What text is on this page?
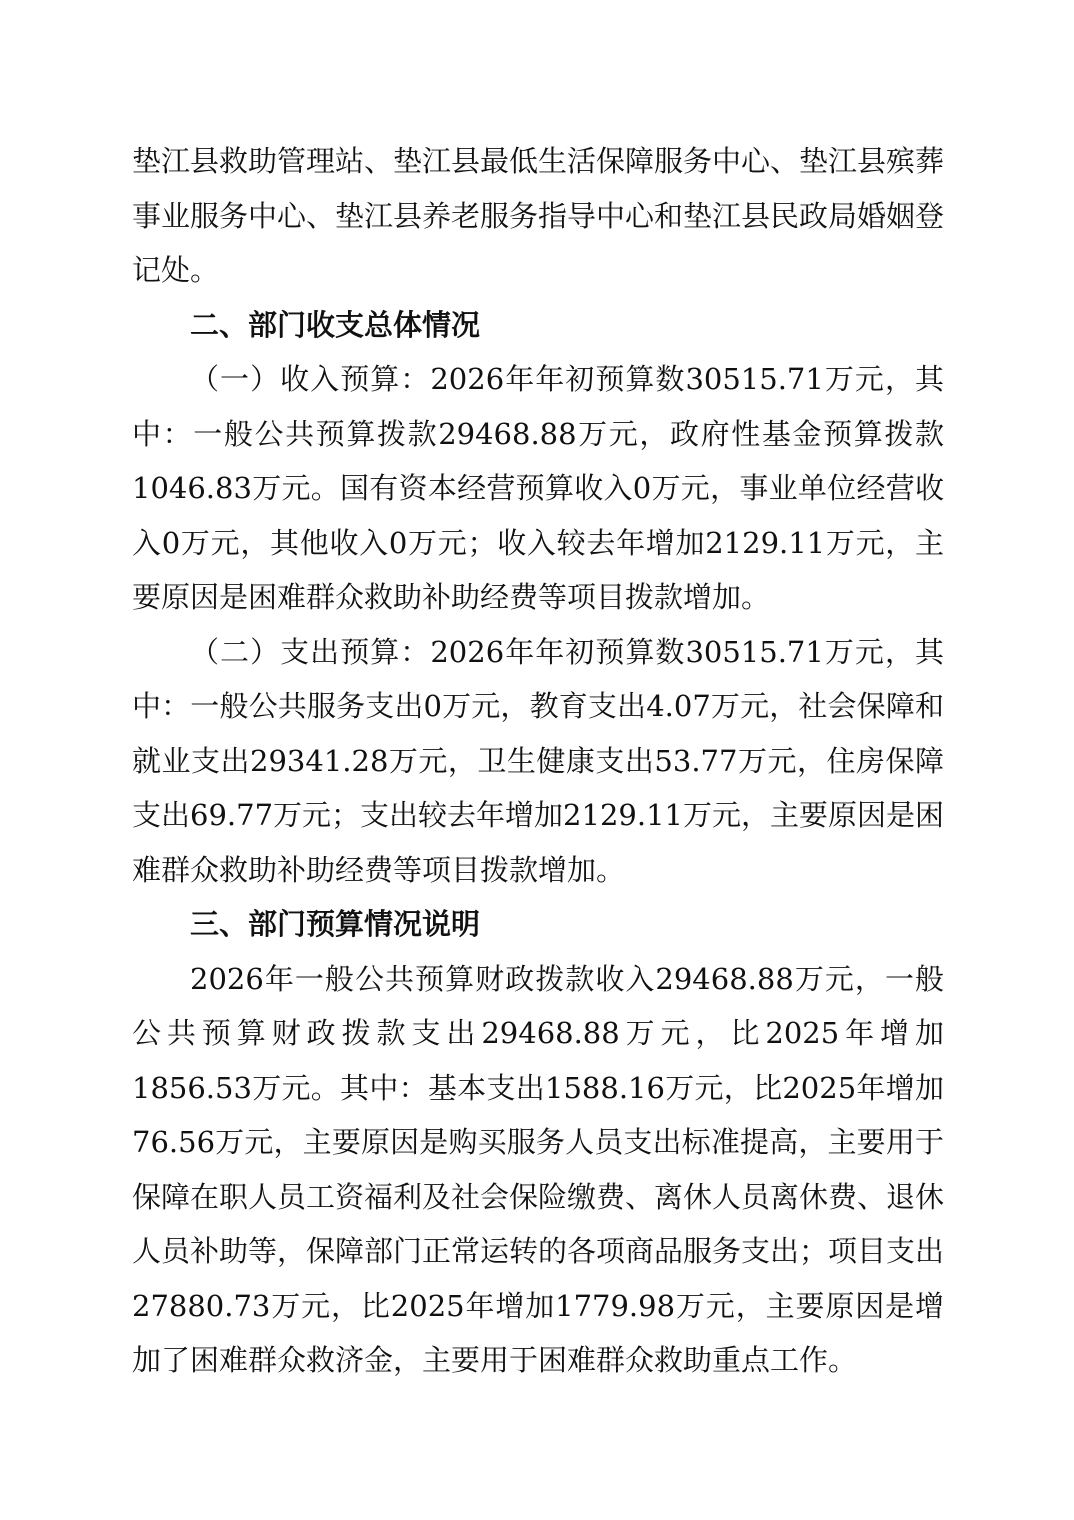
垫江县救助管理站、垫江县最低生活保障服务中心、垫江县殡葬事业服务中心、垫江县养老服务指导中心和垫江县民政局婚姻登记处。

二、部门收支总体情况

（一）收入预算：2026年年初预算数30515.71万元，其中：一般公共预算拨款29468.88万元，政府性基金预算拨款1046.83万元。国有资本经营预算收入0万元，事业单位经营收入0万元，其他收入0万元；收入较去年增加2129.11万元，主要原因是困难群众救助补助经费等项目拨款增加。

（二）支出预算：2026年年初预算数30515.71万元，其中：一般公共服务支出0万元，教育支出4.07万元，社会保障和就业支出29341.28万元，卫生健康支出53.77万元，住房保障支出69.77万元；支出较去年增加2129.11万元，主要原因是困难群众救助补助经费等项目拨款增加。

三、部门预算情况说明

2026年一般公共预算财政拨款收入29468.88万元，一般公共预算财政拨款支出29468.88万元，比2025年增加1856.53万元。其中：基本支出1588.16万元，比2025年增加76.56万元，主要原因是购买服务人员支出标准提高，主要用于保障在职人员工资福利及社会保险缴费、离休人员离休费、退休人员补助等，保障部门正常运转的各项商品服务支出；项目支出27880.73万元，比2025年增加1779.98万元，主要原因是增加了困难群众救济金，主要用于困难群众救助重点工作。
